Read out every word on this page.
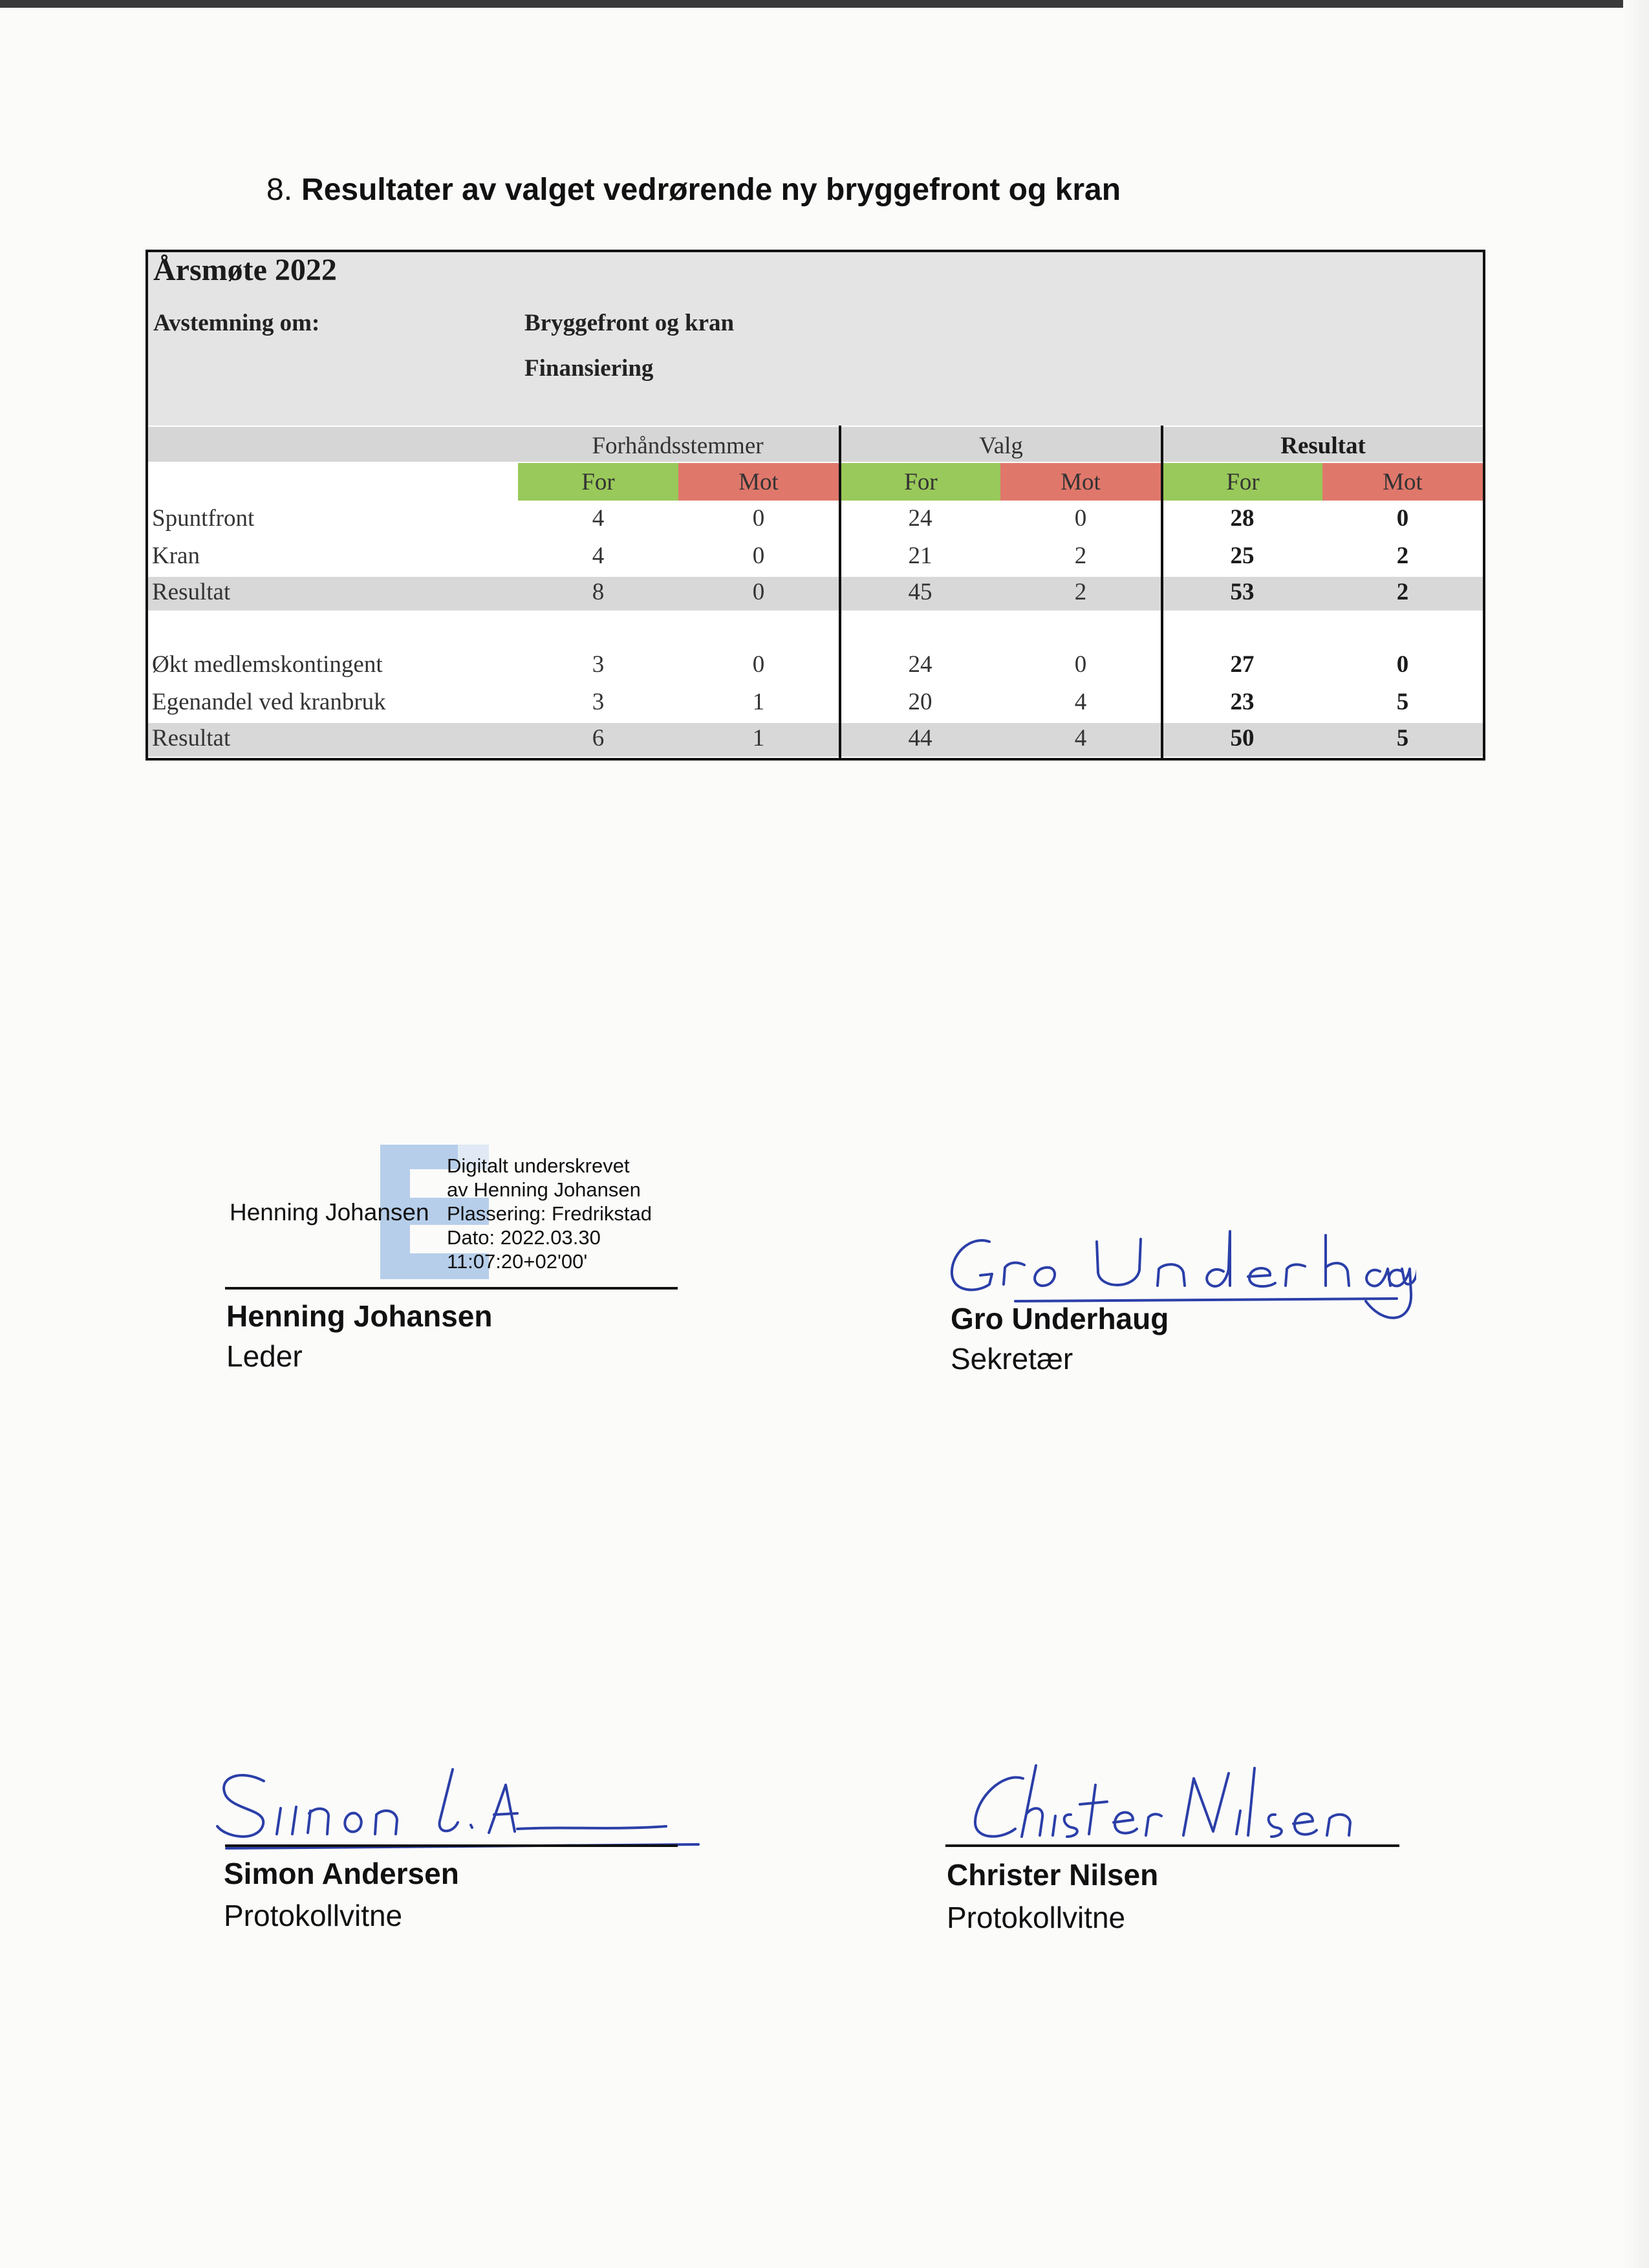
8. Resultater av valget vedrørende ny bryggefront og kran
Årsmøte 2022
Avstemning om:	Bryggefront og kran
Finansiering
Forhåndsstemmer	Valg	Resultat
For	Mot	For	Mot	For	Mot
Spuntfront	4	0	24	0	28	0
Kran	4	0	21	2	25	2
Resultat	8	0	45	2	53	2
Økt medlemskontingent	3	0	24	0	27	0
Egenandel ved kranbruk	3	1	20	4	23	5
Resultat	6	1	44	4	50	5
Henning Johansen
Digitalt underskrevet
av Henning Johansen
Plassering: Fredrikstad
Dato: 2022.03.30
11:07:20+02'00'
Henning Johansen
Leder
Gro Underhaug
Sekretær
Simon Andersen
Protokollvitne
Christer Nilsen
Protokollvitne
